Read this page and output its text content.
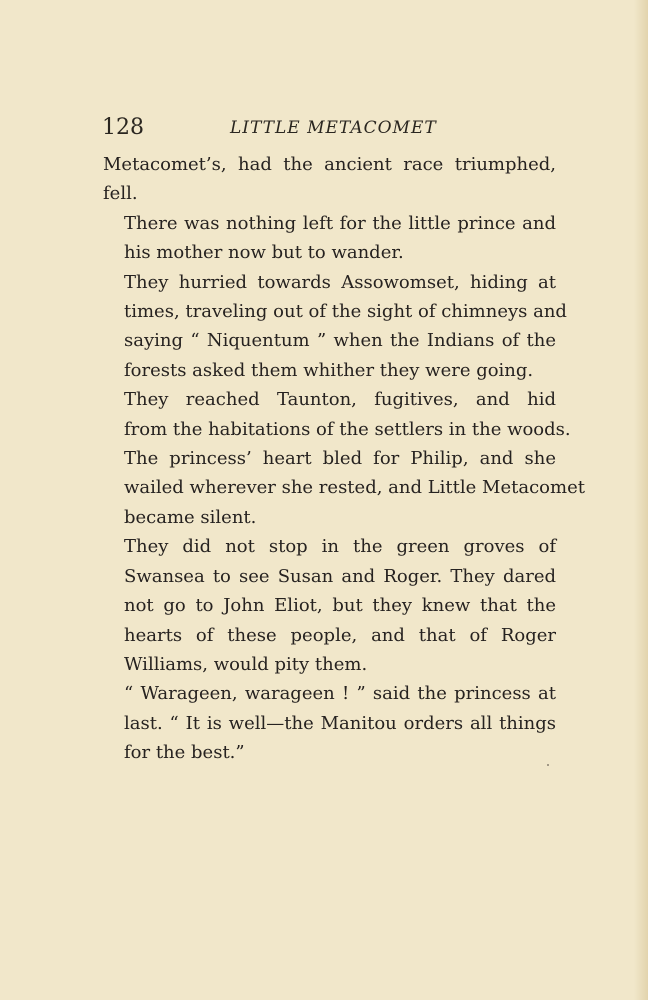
128	LITTLE METACOMET

Metacomet’s, had the ancient race triumphed,
fell.

There was nothing left for the little prince and
his mother now but to wander.

They hurried towards Assowomset, hiding at
times, traveling out of the sight of chimneys and
saying “ Niquentum ” when the Indians of the
forests asked them whither they were going.

They reached Taunton, fugitives, and hid
from the habitations of the settlers in the woods.

The princess’ heart bled for Philip, and she
wailed wherever she rested, and Little Metacomet
became silent.

They did not stop in the green groves of
Swansea to see Susan and Roger. They dared
not go to John Eliot, but they knew that the
hearts of these people, and that of Roger
Williams, would pity them.

“ Warageen, warageen ! ” said the princess at
last. “ It is well—the Manitou orders all things
for the best.”
